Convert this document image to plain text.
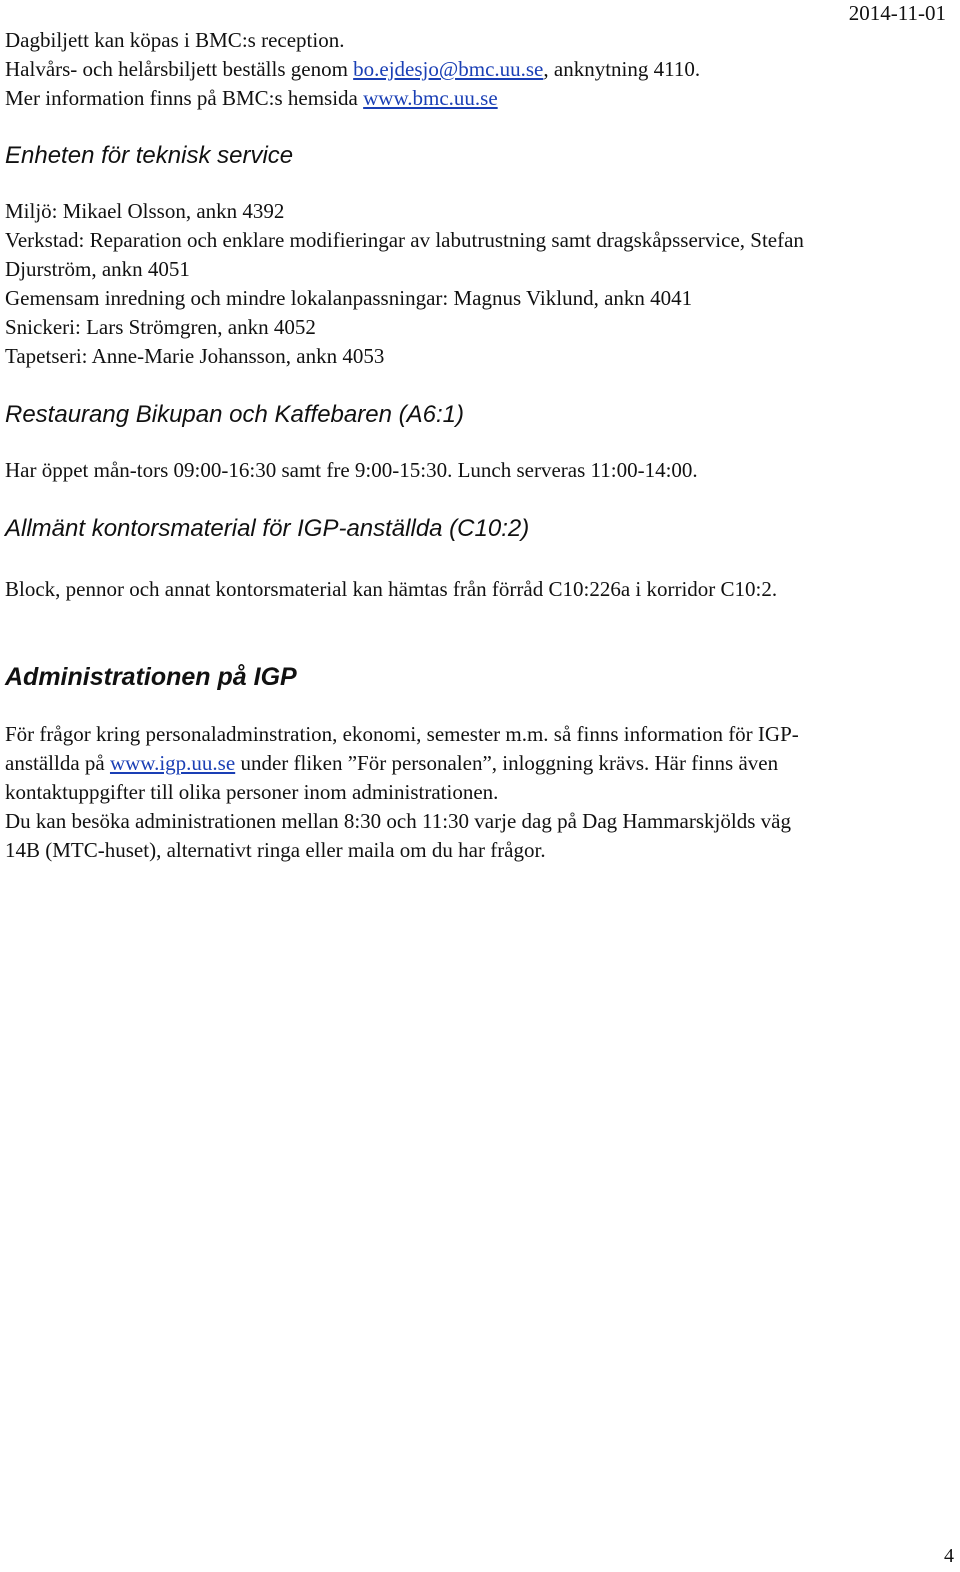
2014-11-01
Dagbiljett kan köpas i BMC:s reception.
Halvårs- och helårsbiljett beställs genom bo.ejdesjo@bmc.uu.se, anknytning 4110.
Mer information finns på BMC:s hemsida www.bmc.uu.se
Enheten för teknisk service
Miljö: Mikael Olsson, ankn 4392
Verkstad: Reparation och enklare modifieringar av labutrustning samt dragskåpsservice, Stefan
Djurström, ankn 4051
Gemensam inredning och mindre lokalanpassningar: Magnus Viklund, ankn 4041
Snickeri: Lars Strömgren, ankn 4052
Tapetseri: Anne-Marie Johansson, ankn 4053
Restaurang Bikupan och Kaffebaren (A6:1)
Har öppet mån-tors 09:00-16:30 samt fre 9:00-15:30. Lunch serveras 11:00-14:00.
Allmänt kontorsmaterial för IGP-anställda (C10:2)
Block, pennor och annat kontorsmaterial kan hämtas från förråd C10:226a i korridor C10:2.
Administrationen på IGP
För frågor kring personaladminstration, ekonomi, semester m.m. så finns information för IGP-
anställda på www.igp.uu.se under fliken ”För personalen”, inloggning krävs. Här finns även
kontaktuppgifter till olika personer inom administrationen.
Du kan besöka administrationen mellan 8:30 och 11:30 varje dag på Dag Hammarskjölds väg
14B (MTC-huset), alternativt ringa eller maila om du har frågor.
4
